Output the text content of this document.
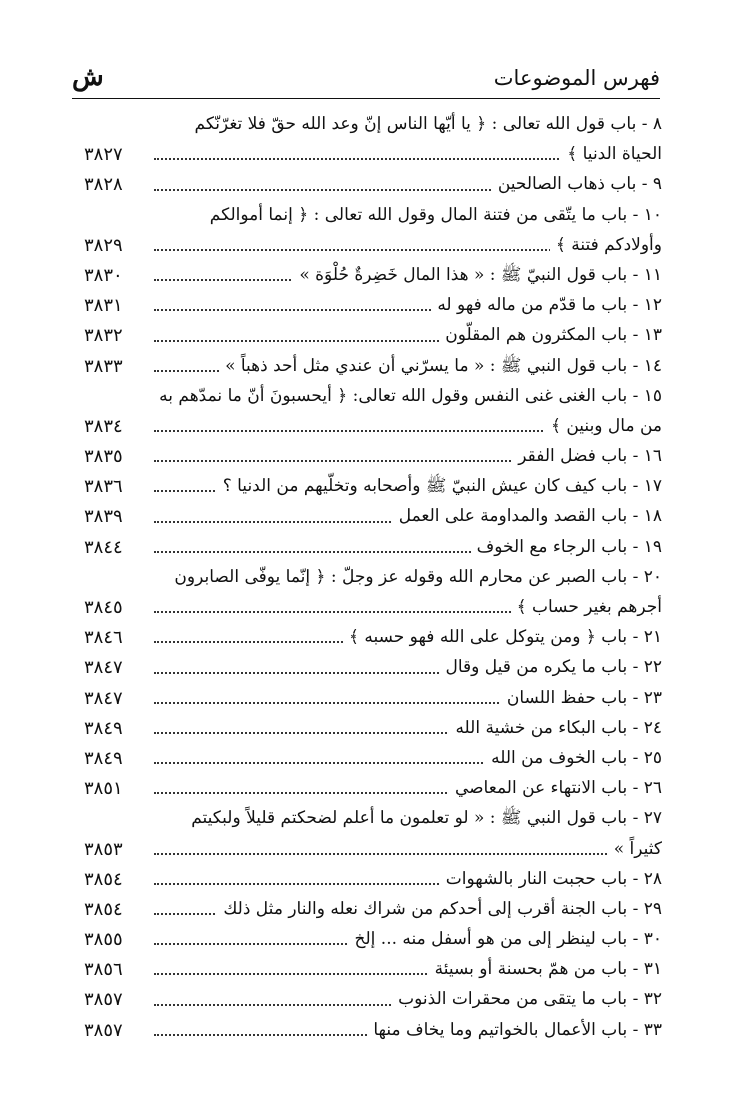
فهرس الموضوعات
ش
٨ - باب قول الله تعالى : ﴿ يا أيّها الناس إنّ وعد الله حقّ فلا تغرّنّكم
الحياة الدنيا ﴾
٣٨٢٧
٩ - باب ذهاب الصالحين
٣٨٢٨
١٠ - باب ما يتّقى من فتنة المال وقول الله تعالى : ﴿ إنما أموالكم
وأولادكم فتنة ﴾
٣٨٢٩
١١ - باب قول النبيّ ﷺ : « هذا المال خَضِرةٌ حُلْوَة »
٣٨٣٠
١٢ - باب ما قدّم من ماله فهو له
٣٨٣١
١٣ - باب المكثرون هم المقلّون
٣٨٣٢
١٤ - باب قول النبي ﷺ : « ما يسرّني أن عندي مثل أحد ذهباً »
٣٨٣٣
١٥ - باب الغنى غنى النفس وقول الله تعالى: ﴿ أيحسبونَ أنّ ما نمدّهم به
من مال وبنين ﴾
٣٨٣٤
١٦ - باب فضل الفقر
٣٨٣٥
١٧ - باب كيف كان عيش النبيّ ﷺ وأصحابه وتخلّيهم من الدنيا ؟
٣٨٣٦
١٨ - باب القصد والمداومة على العمل
٣٨٣٩
١٩ - باب الرجاء مع الخوف
٣٨٤٤
٢٠ - باب الصبر عن محارم الله وقوله عز وجلّ : ﴿ إنّما يوفّى الصابرون
أجرهم بغير حساب ﴾
٣٨٤٥
٢١ - باب ﴿ ومن يتوكل على الله فهو حسبه ﴾
٣٨٤٦
٢٢ - باب ما يكره من قيل وقال
٣٨٤٧
٢٣ - باب حفظ اللسان
٣٨٤٧
٢٤ - باب البكاء من خشية الله
٣٨٤٩
٢٥ - باب الخوف من الله
٣٨٤٩
٢٦ - باب الانتهاء عن المعاصي
٣٨٥١
٢٧ - باب قول النبي ﷺ : « لو تعلمون ما أعلم لضحكتم قليلاً ولبكيتم
كثيراً »
٣٨٥٣
٢٨ - باب حجبت النار بالشهوات
٣٨٥٤
٢٩ - باب الجنة أقرب إلى أحدكم من شراك نعله والنار مثل ذلك
٣٨٥٤
٣٠ - باب لينظر إلى من هو أسفل منه ... إلخ
٣٨٥٥
٣١ - باب من همّ بحسنة أو بسيئة
٣٨٥٦
٣٢ - باب ما يتقى من محقرات الذنوب
٣٨٥٧
٣٣ - باب الأعمال بالخواتيم وما يخاف منها
٣٨٥٧
